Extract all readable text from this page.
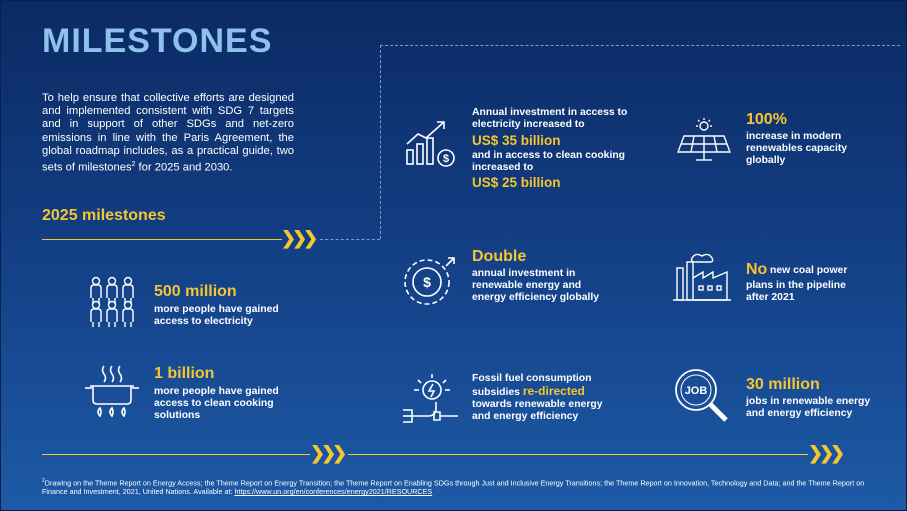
MILESTONES
To help ensure that collective efforts are designed and implemented consistent with SDG 7 targets and in support of other SDGs and net-zero emissions in line with the Paris Agreement, the global roadmap includes, as a practical guide, two sets of milestones$^2$ for 2025 and 2030.
2025 milestones
❯❯❯
❯❯❯	❯❯❯
500 million
more people have gained access to electricity
1 billion
more people have gained access to clean cooking solutions
$
Annual investment in access to electricity increased to
US$ 35 billion
and in access to clean cooking increased to
US$ 25 billion
$
Double
annual investment in renewable energy and energy efficiency globally
Fossil fuel consumption subsidies re-directed towards renewable energy and energy efficiency
100%
increase in modern renewables capacity globally
No new coal power
plans in the pipeline after 2021
JOB 30 million
jobs in renewable energy and energy efficiency
$^2$Drawing on the Theme Report on Energy Access; the Theme Report on Energy Transition; the Theme Report on Enabling SDGs through Just and Inclusive Energy Transitions; the Theme Report on Innovation, Technology and Data; and the Theme Report on Finance and Investment, 2021, United Nations. Available at: https://www.un.org/en/conferences/energy2021/RESOURCES
